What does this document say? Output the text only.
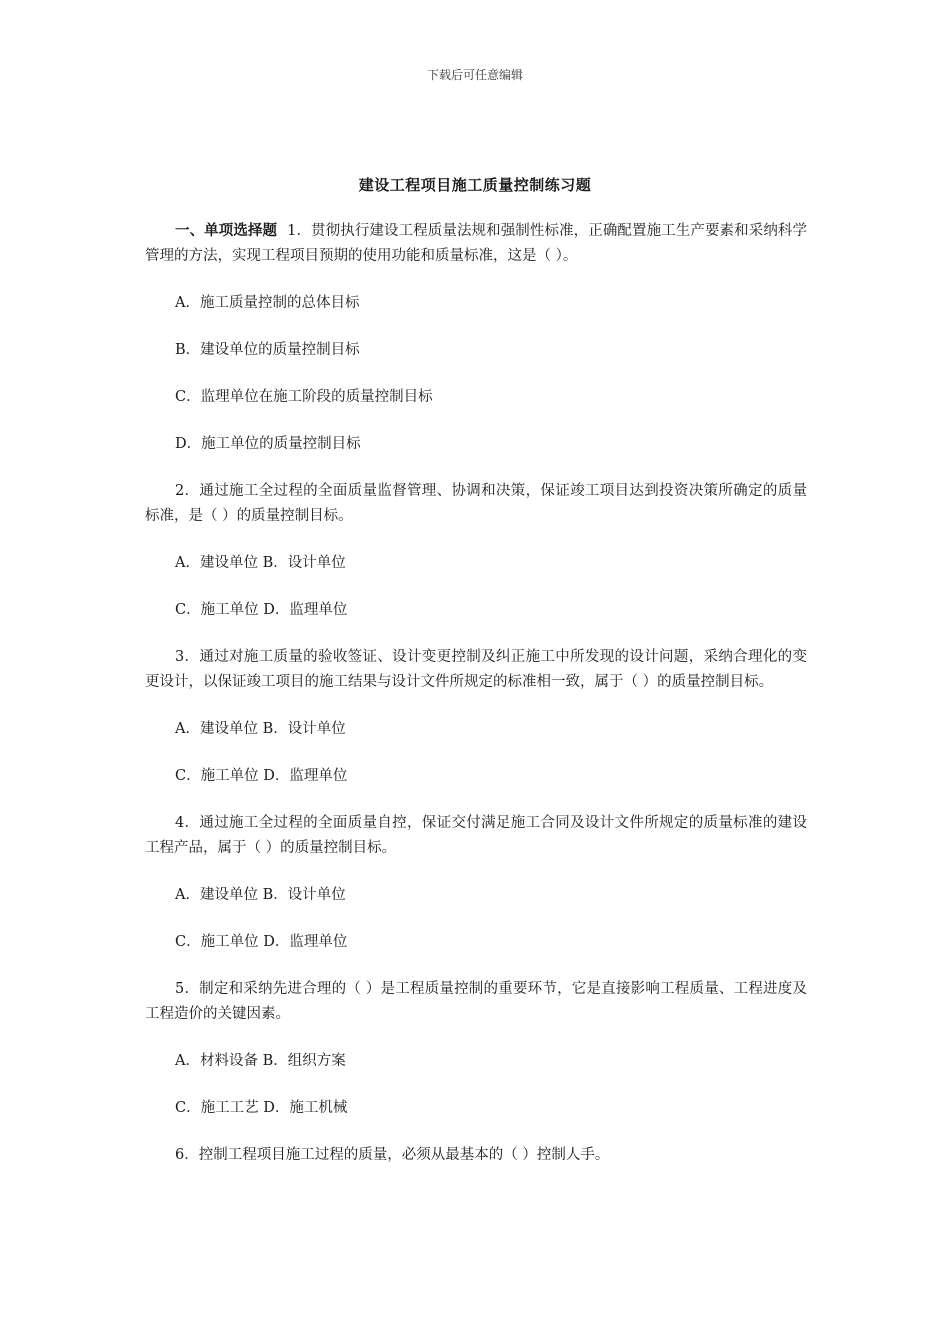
下载后可任意编辑
建设工程项目施工质量控制练习题

一、单项选择题 1．贯彻执行建设工程质量法规和强制性标准，正确配置施工生产要素和采纳科学管理的方法，实现工程项目预期的使用功能和质量标准，这是（ ）。

A．施工质量控制的总体目标

B．建设单位的质量控制目标

C．监理单位在施工阶段的质量控制目标

D．施工单位的质量控制目标

2．通过施工全过程的全面质量监督管理、协调和决策，保证竣工项目达到投资决策所确定的质量标准，是（ ）的质量控制目标。

A．建设单位 B．设计单位

C．施工单位 D．监理单位

3．通过对施工质量的验收签证、设计变更控制及纠正施工中所发现的设计问题，采纳合理化的变更设计，以保证竣工项目的施工结果与设计文件所规定的标准相一致，属于（ ）的质量控制目标。

A．建设单位 B．设计单位

C．施工单位 D．监理单位

4．通过施工全过程的全面质量自控，保证交付满足施工合同及设计文件所规定的质量标准的建设工程产品，属于（ ）的质量控制目标。

A．建设单位 B．设计单位

C．施工单位 D．监理单位

5．制定和采纳先进合理的（ ）是工程质量控制的重要环节，它是直接影响工程质量、工程进度及工程造价的关键因素。

A．材料设备 B．组织方案

C．施工工艺 D．施工机械

6．控制工程项目施工过程的质量，必须从最基本的（ ）控制人手。
